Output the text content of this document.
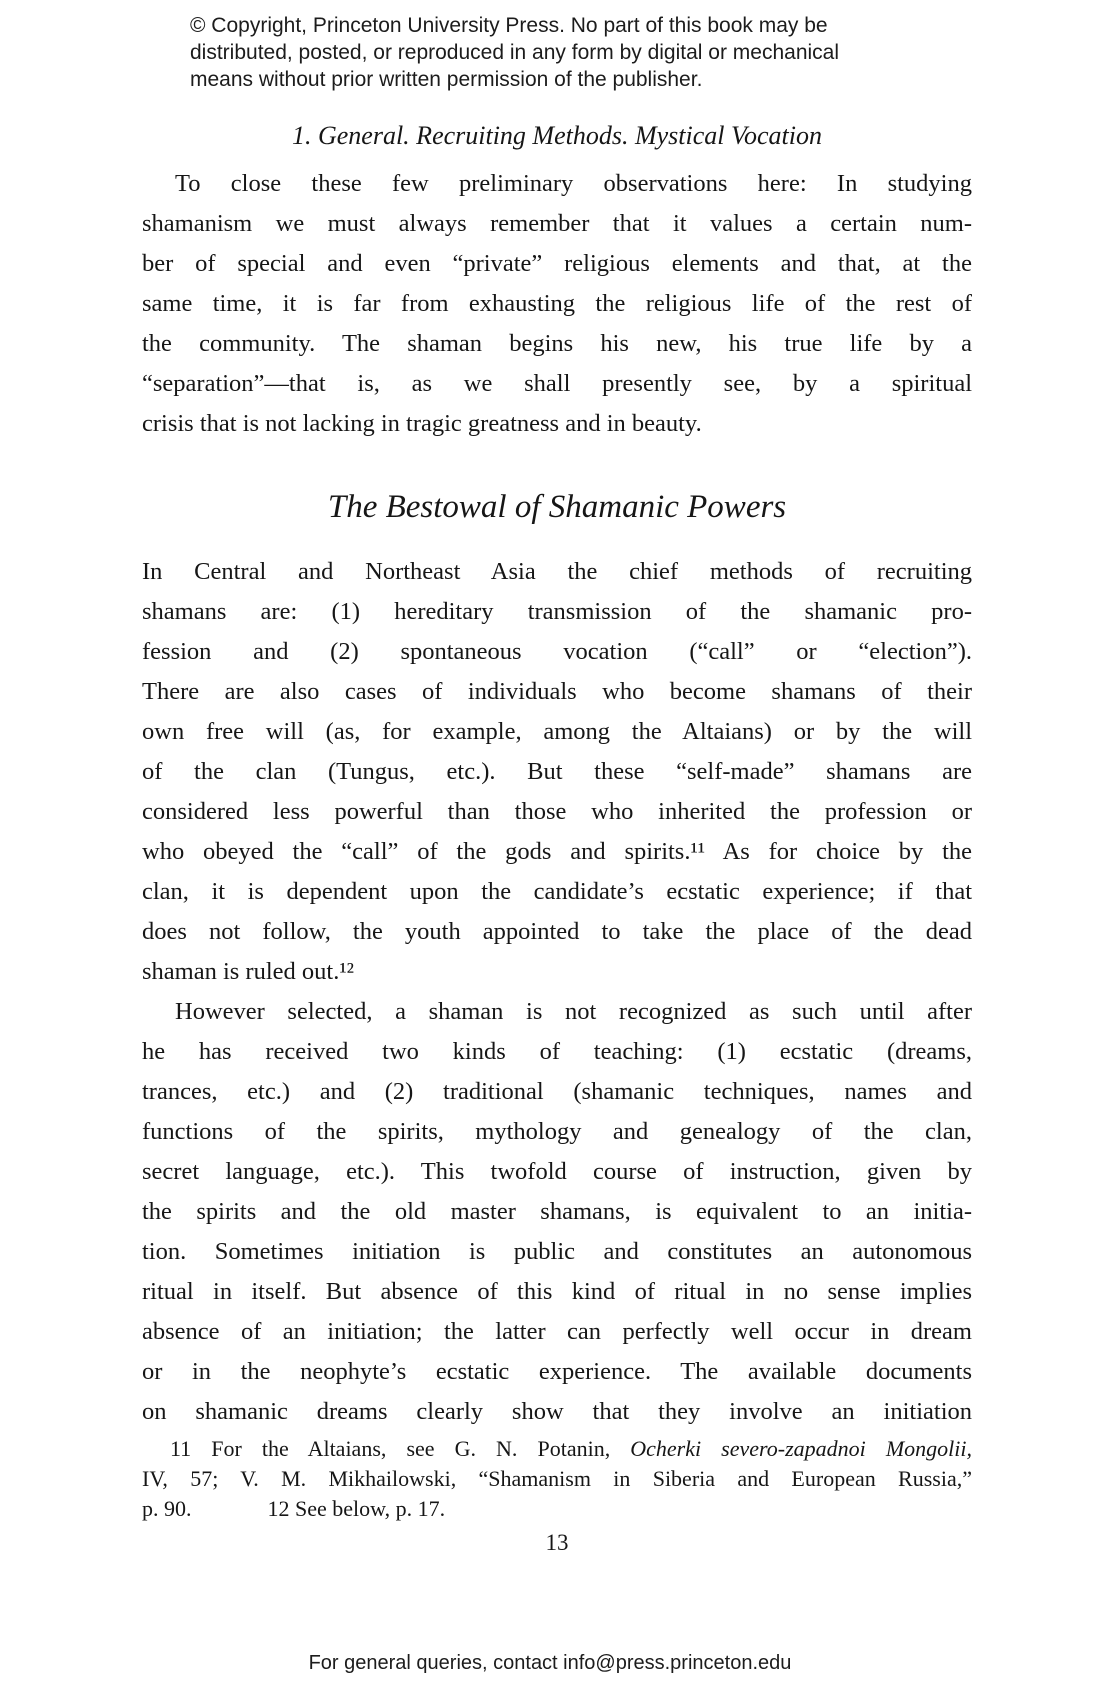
© Copyright, Princeton University Press. No part of this book may be
distributed, posted, or reproduced in any form by digital or mechanical
means without prior written permission of the publisher.
1. General. Recruiting Methods. Mystical Vocation
To close these few preliminary observations here: In studying
shamanism we must always remember that it values a certain num-
ber of special and even “private” religious elements and that, at the
same time, it is far from exhausting the religious life of the rest of
the community. The shaman begins his new, his true life by a
“separation”—that is, as we shall presently see, by a spiritual
crisis that is not lacking in tragic greatness and in beauty.
The Bestowal of Shamanic Powers
In Central and Northeast Asia the chief methods of recruiting
shamans are: (1) hereditary transmission of the shamanic pro-
fession and (2) spontaneous vocation (“call” or “election”).
There are also cases of individuals who become shamans of their
own free will (as, for example, among the Altaians) or by the will
of the clan (Tungus, etc.). But these “self-made” shamans are
considered less powerful than those who inherited the profession or
who obeyed the “call” of the gods and spirits.¹¹ As for choice by the
clan, it is dependent upon the candidate’s ecstatic experience; if that
does not follow, the youth appointed to take the place of the dead
shaman is ruled out.¹²
However selected, a shaman is not recognized as such until after
he has received two kinds of teaching: (1) ecstatic (dreams,
trances, etc.) and (2) traditional (shamanic techniques, names and
functions of the spirits, mythology and genealogy of the clan,
secret language, etc.). This twofold course of instruction, given by
the spirits and the old master shamans, is equivalent to an initia-
tion. Sometimes initiation is public and constitutes an autonomous
ritual in itself. But absence of this kind of ritual in no sense implies
absence of an initiation; the latter can perfectly well occur in dream
or in the neophyte’s ecstatic experience. The available documents
on shamanic dreams clearly show that they involve an initiation
11 For the Altaians, see G. N. Potanin, Ocherki severo-zapadnoi Mongolii,
IV, 57; V. M. Mikhailowski, “Shamanism in Siberia and European Russia,”
p. 90.	12 See below, p. 17.
13
For general queries, contact info@press.princeton.edu
